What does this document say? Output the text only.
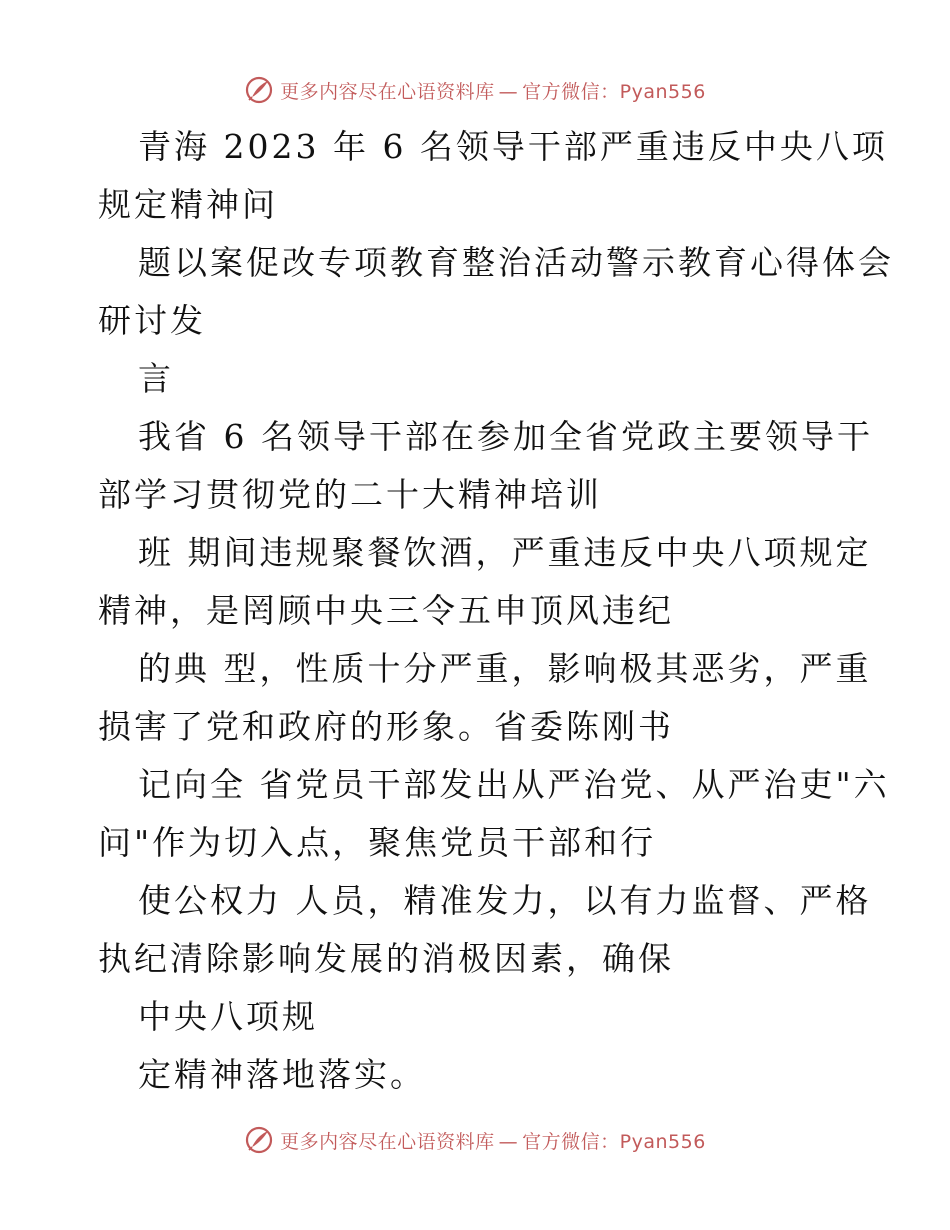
更多内容尽在心语资料库 — 官方微信：Pyan556
青海 2023 年 6 名领导干部严重违反中央八项
规定精神问
题以案促改专项教育整治活动警示教育心得体会
研讨发
言
我省 6 名领导干部在参加全省党政主要领导干
部学习贯彻党的二十大精神培训
班 期间违规聚餐饮酒，严重违反中央八项规定
精神，是罔顾中央三令五申顶风违纪
的典 型，性质十分严重，影响极其恶劣，严重
损害了党和政府的形象。省委陈刚书
记向全 省党员干部发出从严治党、从严治吏"六
问"作为切入点，聚焦党员干部和行
使公权力 人员，精准发力，以有力监督、严格
执纪清除影响发展的消极因素，确保
中央八项规
定精神落地落实。
更多内容尽在心语资料库 — 官方微信：Pyan556
